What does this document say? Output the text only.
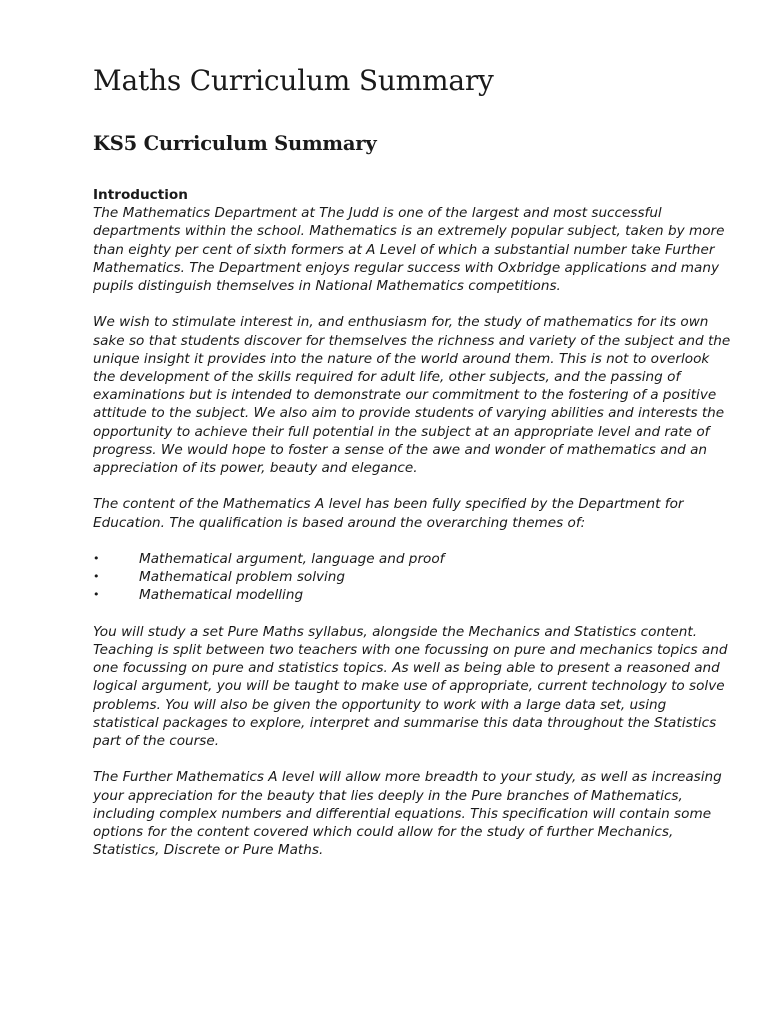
Maths Curriculum Summary
KS5 Curriculum Summary
Introduction

The Mathematics Department at The Judd is one of the largest and most successful
departments within the school. Mathematics is an extremely popular subject, taken by more
than eighty per cent of sixth formers at A Level of which a substantial number take Further
Mathematics. The Department enjoys regular success with Oxbridge applications and many
pupils distinguish themselves in National Mathematics competitions.

We wish to stimulate interest in, and enthusiasm for, the study of mathematics for its own
sake so that students discover for themselves the richness and variety of the subject and the
unique insight it provides into the nature of the world around them. This is not to overlook
the development of the skills required for adult life, other subjects, and the passing of
examinations but is intended to demonstrate our commitment to the fostering of a positive
attitude to the subject. We also aim to provide students of varying abilities and interests the
opportunity to achieve their full potential in the subject at an appropriate level and rate of
progress. We would hope to foster a sense of the awe and wonder of mathematics and an
appreciation of its power, beauty and elegance.

The content of the Mathematics A level has been fully specified by the Department for
Education. The qualification is based around the overarching themes of:

•	Mathematical argument, language and proof
•	Mathematical problem solving
•	Mathematical modelling

You will study a set Pure Maths syllabus, alongside the Mechanics and Statistics content.
Teaching is split between two teachers with one focussing on pure and mechanics topics and
one focussing on pure and statistics topics. As well as being able to present a reasoned and
logical argument, you will be taught to make use of appropriate, current technology to solve
problems. You will also be given the opportunity to work with a large data set, using
statistical packages to explore, interpret and summarise this data throughout the Statistics
part of the course.

The Further Mathematics A level will allow more breadth to your study, as well as increasing
your appreciation for the beauty that lies deeply in the Pure branches of Mathematics,
including complex numbers and differential equations. This specification will contain some
options for the content covered which could allow for the study of further Mechanics,
Statistics, Discrete or Pure Maths.
